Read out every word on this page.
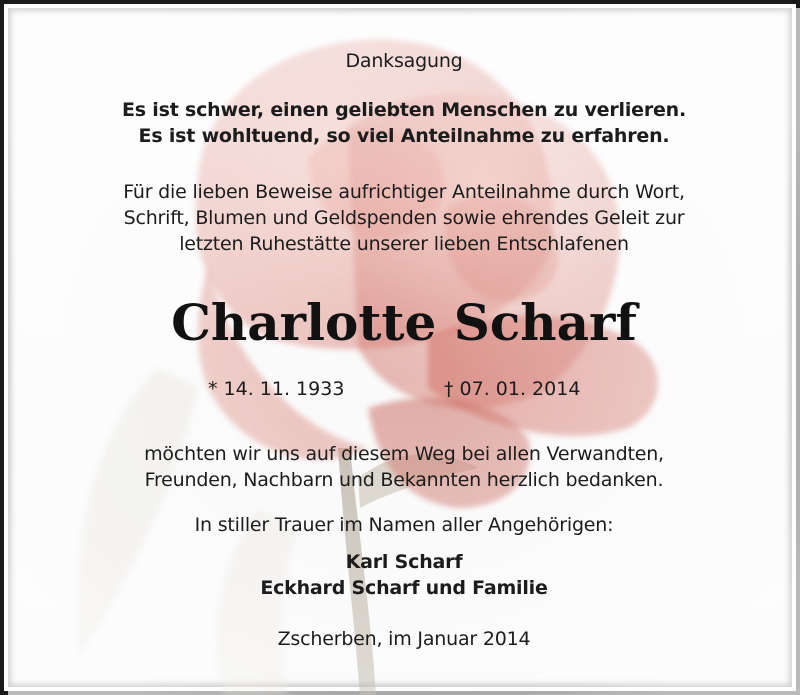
Danksagung
Es ist schwer, einen geliebten Menschen zu verlieren.
Es ist wohltuend, so viel Anteilnahme zu erfahren.
Für die lieben Beweise aufrichtiger Anteilnahme durch Wort,
Schrift, Blumen und Geldspenden sowie ehrendes Geleit zur
letzten Ruhestätte unserer lieben Entschlafenen
Charlotte Scharf
* 14. 11. 1933	† 07. 01. 2014
möchten wir uns auf diesem Weg bei allen Verwandten,
Freunden, Nachbarn und Bekannten herzlich bedanken.
In stiller Trauer im Namen aller Angehörigen:
Karl Scharf
Eckhard Scharf und Familie
Zscherben, im Januar 2014
